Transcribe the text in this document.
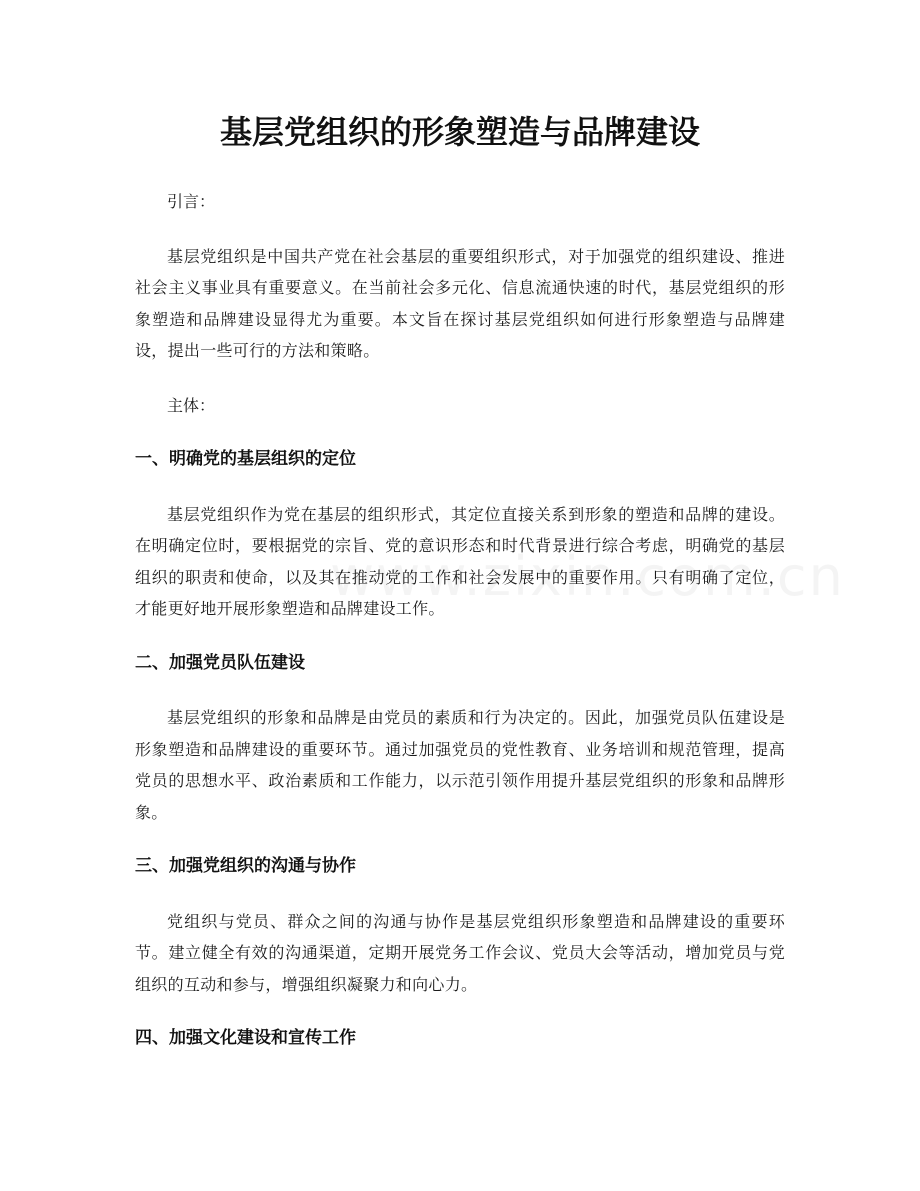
基层党组织的形象塑造与品牌建设

引言：

基层党组织是中国共产党在社会基层的重要组织形式，对于加强党的组织建设、推进社会主义事业具有重要意义。在当前社会多元化、信息流通快速的时代，基层党组织的形象塑造和品牌建设显得尤为重要。本文旨在探讨基层党组织如何进行形象塑造与品牌建设，提出一些可行的方法和策略。

主体：

一、明确党的基层组织的定位

基层党组织作为党在基层的组织形式，其定位直接关系到形象的塑造和品牌的建设。在明确定位时，要根据党的宗旨、党的意识形态和时代背景进行综合考虑，明确党的基层组织的职责和使命，以及其在推动党的工作和社会发展中的重要作用。只有明确了定位，才能更好地开展形象塑造和品牌建设工作。

二、加强党员队伍建设

基层党组织的形象和品牌是由党员的素质和行为决定的。因此，加强党员队伍建设是形象塑造和品牌建设的重要环节。通过加强党员的党性教育、业务培训和规范管理，提高党员的思想水平、政治素质和工作能力，以示范引领作用提升基层党组织的形象和品牌形象。

三、加强党组织的沟通与协作

党组织与党员、群众之间的沟通与协作是基层党组织形象塑造和品牌建设的重要环节。建立健全有效的沟通渠道，定期开展党务工作会议、党员大会等活动，增加党员与党组织的互动和参与，增强组织凝聚力和向心力。

四、加强文化建设和宣传工作
